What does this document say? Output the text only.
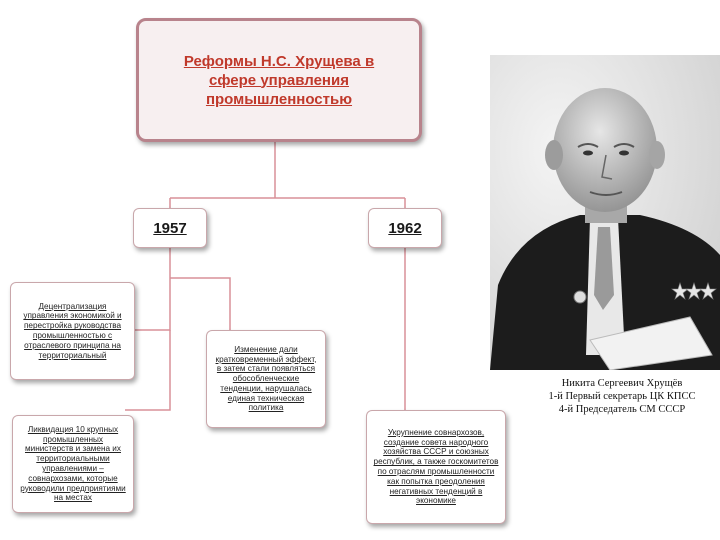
Реформы Н.С. Хрущева в сфере управления промышленностью
1957	1962
Децентрализация управления экономикой и перестройка руководства промышленностью с отраслевого принципа на территориальный
Ликвидация 10 крупных промышленных министерств и замена их территориальными управлениями – совнархозами, которые руководили предприятиями на местах
Изменение дали кратковременный эффект, в затем стали появляться обособленческие тенденции, нарушалась единая техническая политика
Укрупнение совнархозов, создание совета народного хозяйства СССР и союзных республик, а также госкомитетов по отраслям промышленности как попытка преодоления негативных тенденций в экономике
Никита Сергеевич Хрущёв
1-й Первый секретарь ЦК КПСС
4-й Председатель СМ СССР
